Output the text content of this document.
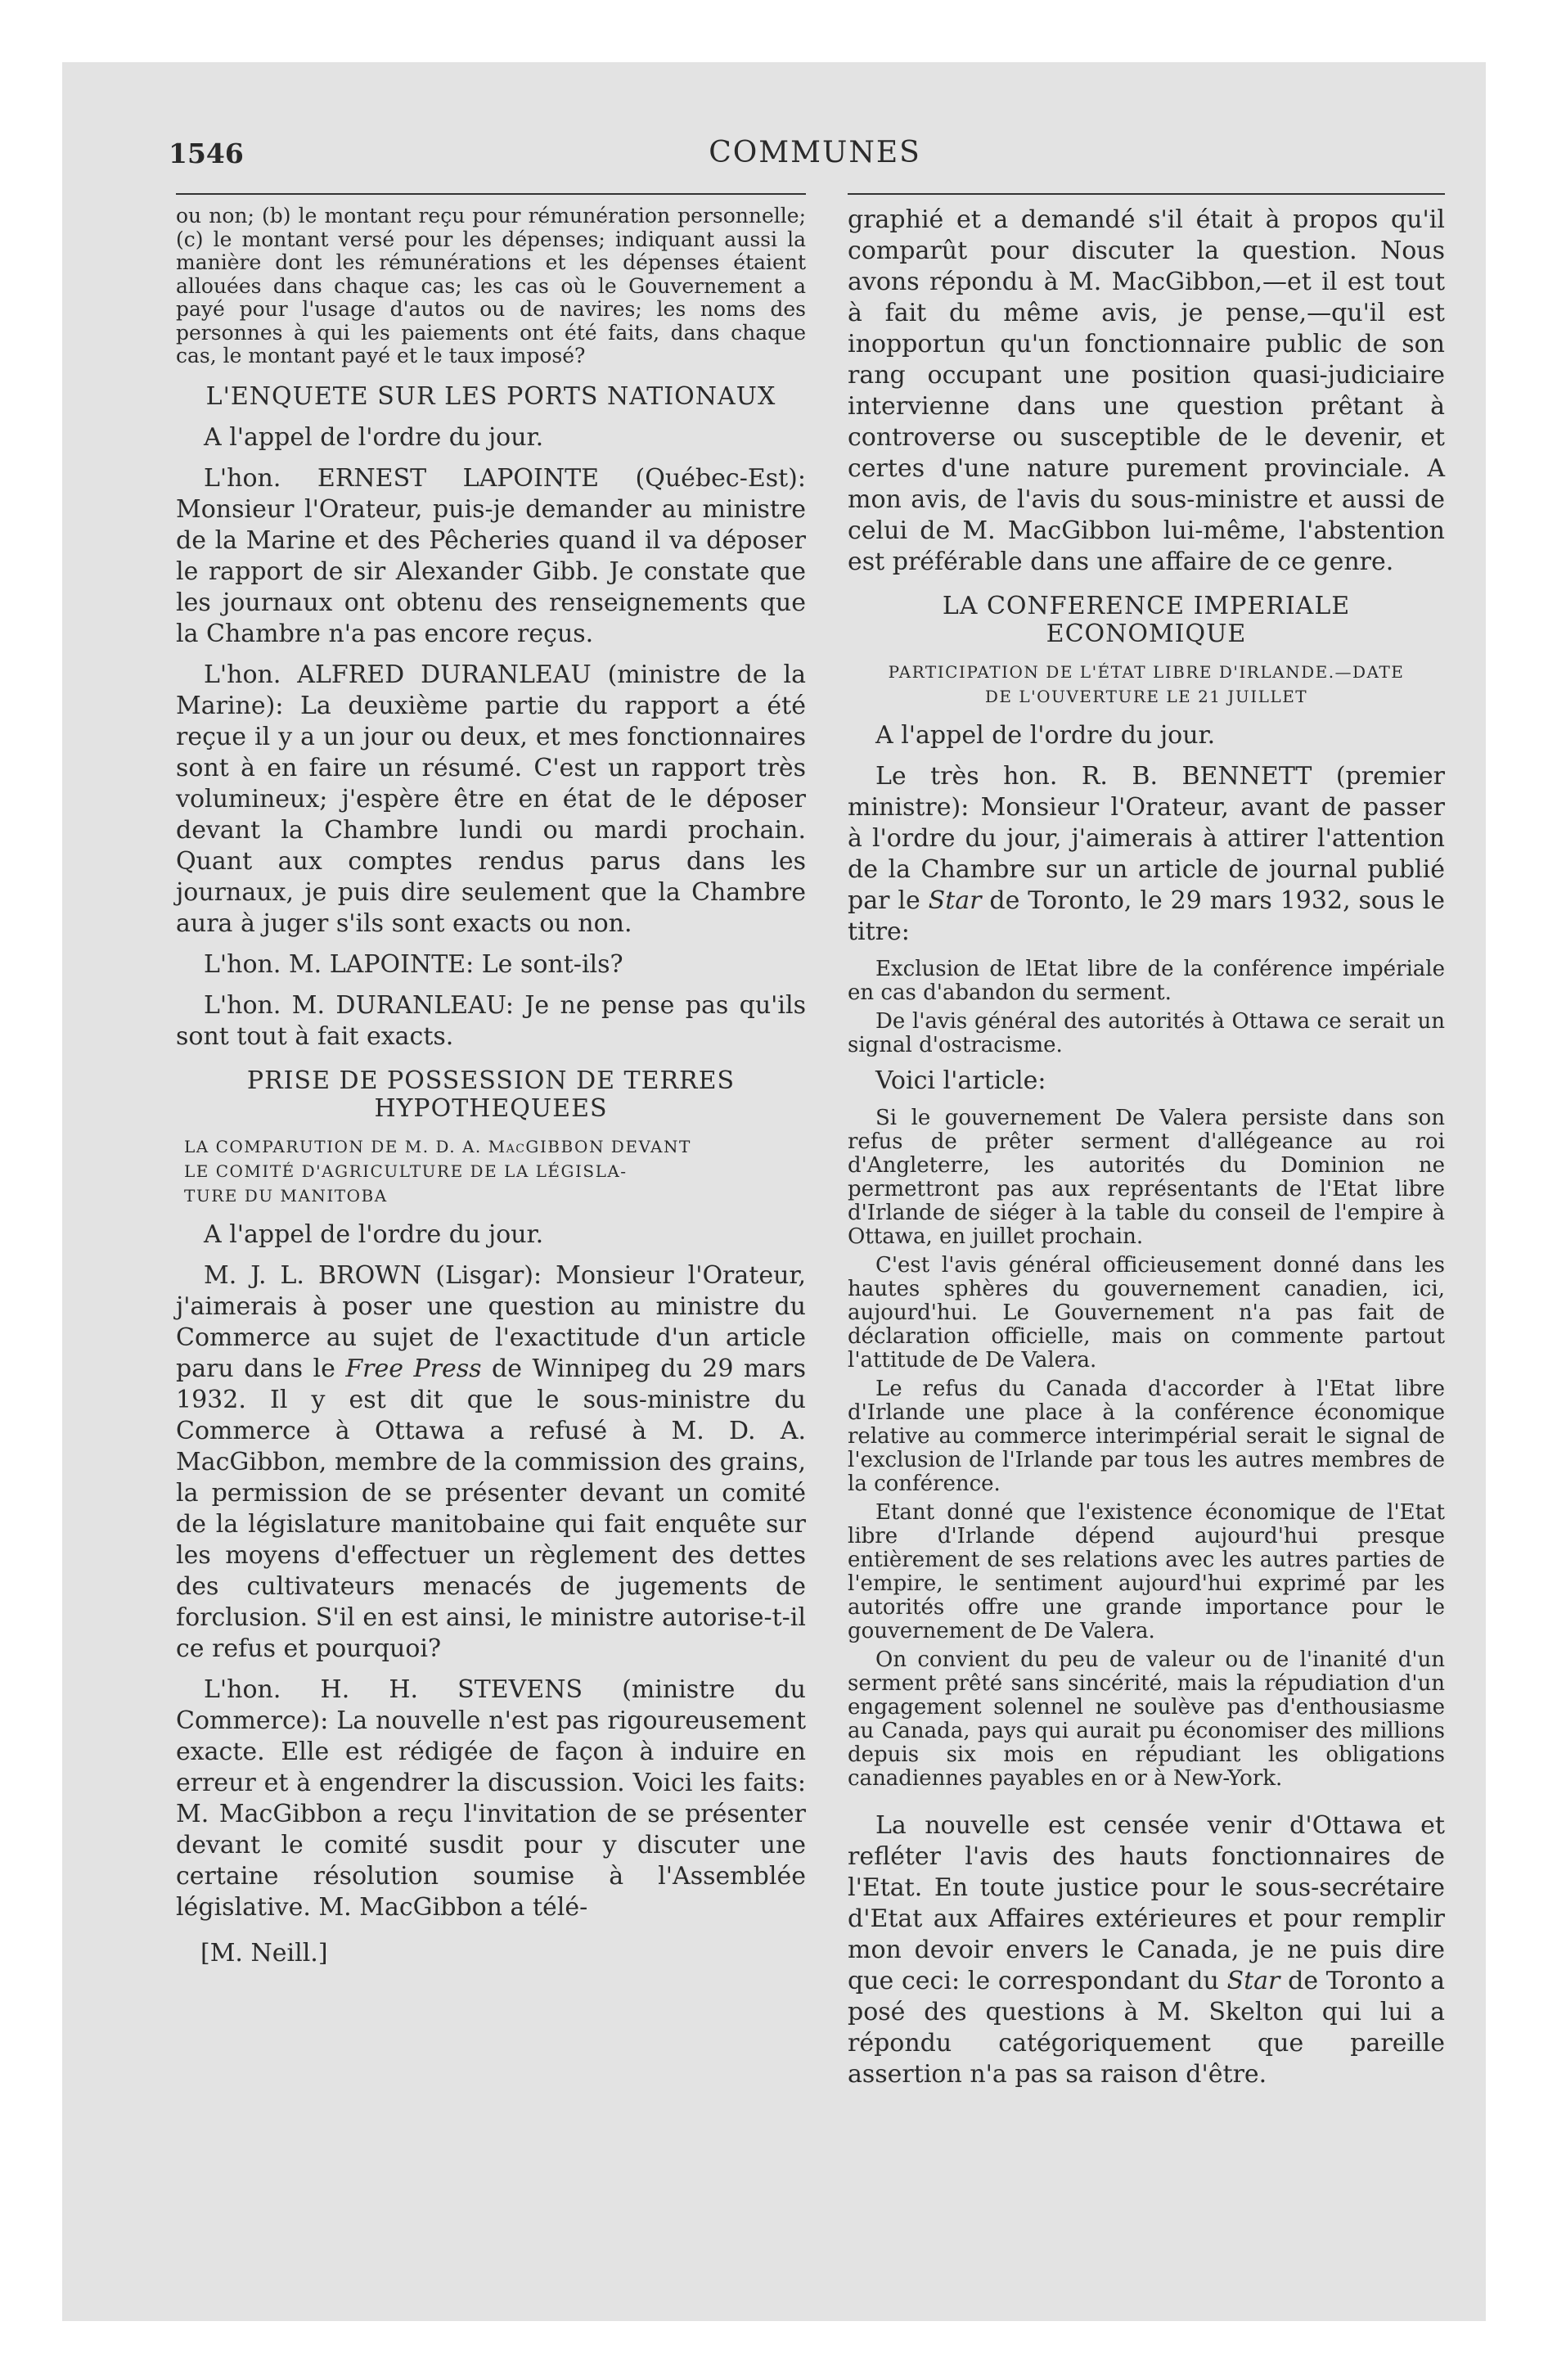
1546	COMMUNES

ou non; (b) le montant reçu pour rémunération personnelle; (c) le montant versé pour les dépenses; indiquant aussi la manière dont les rémunérations et les dépenses étaient allouées dans chaque cas; les cas où le Gouvernement a payé pour l'usage d'autos ou de navires; les noms des personnes à qui les paiements ont été faits, dans chaque cas, le montant payé et le taux imposé?

L'ENQUETE SUR LES PORTS NATIONAUX

A l'appel de l'ordre du jour.

L'hon. ERNEST LAPOINTE (Québec-Est): Monsieur l'Orateur, puis-je demander au ministre de la Marine et des Pêcheries quand il va déposer le rapport de sir Alexander Gibb. Je constate que les journaux ont obtenu des renseignements que la Chambre n'a pas encore reçus.

L'hon. ALFRED DURANLEAU (ministre de la Marine): La deuxième partie du rapport a été reçue il y a un jour ou deux, et mes fonctionnaires sont à en faire un résumé. C'est un rapport très volumineux; j'espère être en état de le déposer devant la Chambre lundi ou mardi prochain. Quant aux comptes rendus parus dans les journaux, je puis dire seulement que la Chambre aura à juger s'ils sont exacts ou non.

L'hon. M. LAPOINTE: Le sont-ils?

L'hon. M. DURANLEAU: Je ne pense pas qu'ils sont tout à fait exacts.

PRISE DE POSSESSION DE TERRES HYPOTHEQUEES
LA COMPARUTION DE M. D. A. MacGIBBON DEVANT
LE COMITÉ D'AGRICULTURE DE LA LÉGISLA-
TURE DU MANITOBA

A l'appel de l'ordre du jour.

M. J. L. BROWN (Lisgar): Monsieur l'Orateur, j'aimerais à poser une question au ministre du Commerce au sujet de l'exactitude d'un article paru dans le Free Press de Winnipeg du 29 mars 1932. Il y est dit que le sous-ministre du Commerce à Ottawa a refusé à M. D. A. MacGibbon, membre de la commission des grains, la permission de se présenter devant un comité de la législature manitobaine qui fait enquête sur les moyens d'effectuer un règlement des dettes des cultivateurs menacés de jugements de forclusion. S'il en est ainsi, le ministre autorise-t-il ce refus et pourquoi?

L'hon. H. H. STEVENS (ministre du Commerce): La nouvelle n'est pas rigoureusement exacte. Elle est rédigée de façon à induire en erreur et à engendrer la discussion. Voici les faits: M. MacGibbon a reçu l'invitation de se présenter devant le comité susdit pour y discuter une certaine résolution soumise à l'Assemblée législative. M. MacGibbon a télé-

[M. Neill.]

graphié et a demandé s'il était à propos qu'il comparût pour discuter la question. Nous avons répondu à M. MacGibbon,—et il est tout à fait du même avis, je pense,—qu'il est inopportun qu'un fonctionnaire public de son rang occupant une position quasi-judiciaire intervienne dans une question prêtant à controverse ou susceptible de le devenir, et certes d'une nature purement provinciale. A mon avis, de l'avis du sous-ministre et aussi de celui de M. MacGibbon lui-même, l'abstention est préférable dans une affaire de ce genre.

LA CONFERENCE IMPERIALE ECONOMIQUE
PARTICIPATION DE L'ÉTAT LIBRE D'IRLANDE.—DATE
DE L'OUVERTURE LE 21 JUILLET

A l'appel de l'ordre du jour.

Le très hon. R. B. BENNETT (premier ministre): Monsieur l'Orateur, avant de passer à l'ordre du jour, j'aimerais à attirer l'attention de la Chambre sur un article de journal publié par le Star de Toronto, le 29 mars 1932, sous le titre:

Exclusion de lEtat libre de la conférence impériale en cas d'abandon du serment.

De l'avis général des autorités à Ottawa ce serait un signal d'ostracisme.

Voici l'article:

Si le gouvernement De Valera persiste dans son refus de prêter serment d'allégeance au roi d'Angleterre, les autorités du Dominion ne permettront pas aux représentants de l'Etat libre d'Irlande de siéger à la table du conseil de l'empire à Ottawa, en juillet prochain.

C'est l'avis général officieusement donné dans les hautes sphères du gouvernement canadien, ici, aujourd'hui. Le Gouvernement n'a pas fait de déclaration officielle, mais on commente partout l'attitude de De Valera.

Le refus du Canada d'accorder à l'Etat libre d'Irlande une place à la conférence économique relative au commerce interimpérial serait le signal de l'exclusion de l'Irlande par tous les autres membres de la conférence.

Etant donné que l'existence économique de l'Etat libre d'Irlande dépend aujourd'hui presque entièrement de ses relations avec les autres parties de l'empire, le sentiment aujourd'hui exprimé par les autorités offre une grande importance pour le gouvernement de De Valera.

On convient du peu de valeur ou de l'inanité d'un serment prêté sans sincérité, mais la répudiation d'un engagement solennel ne soulève pas d'enthousiasme au Canada, pays qui aurait pu économiser des millions depuis six mois en répudiant les obligations canadiennes payables en or à New-York.

La nouvelle est censée venir d'Ottawa et refléter l'avis des hauts fonctionnaires de l'Etat. En toute justice pour le sous-secrétaire d'Etat aux Affaires extérieures et pour remplir mon devoir envers le Canada, je ne puis dire que ceci: le correspondant du Star de Toronto a posé des questions à M. Skelton qui lui a répondu catégoriquement que pareille assertion n'a pas sa raison d'être.
